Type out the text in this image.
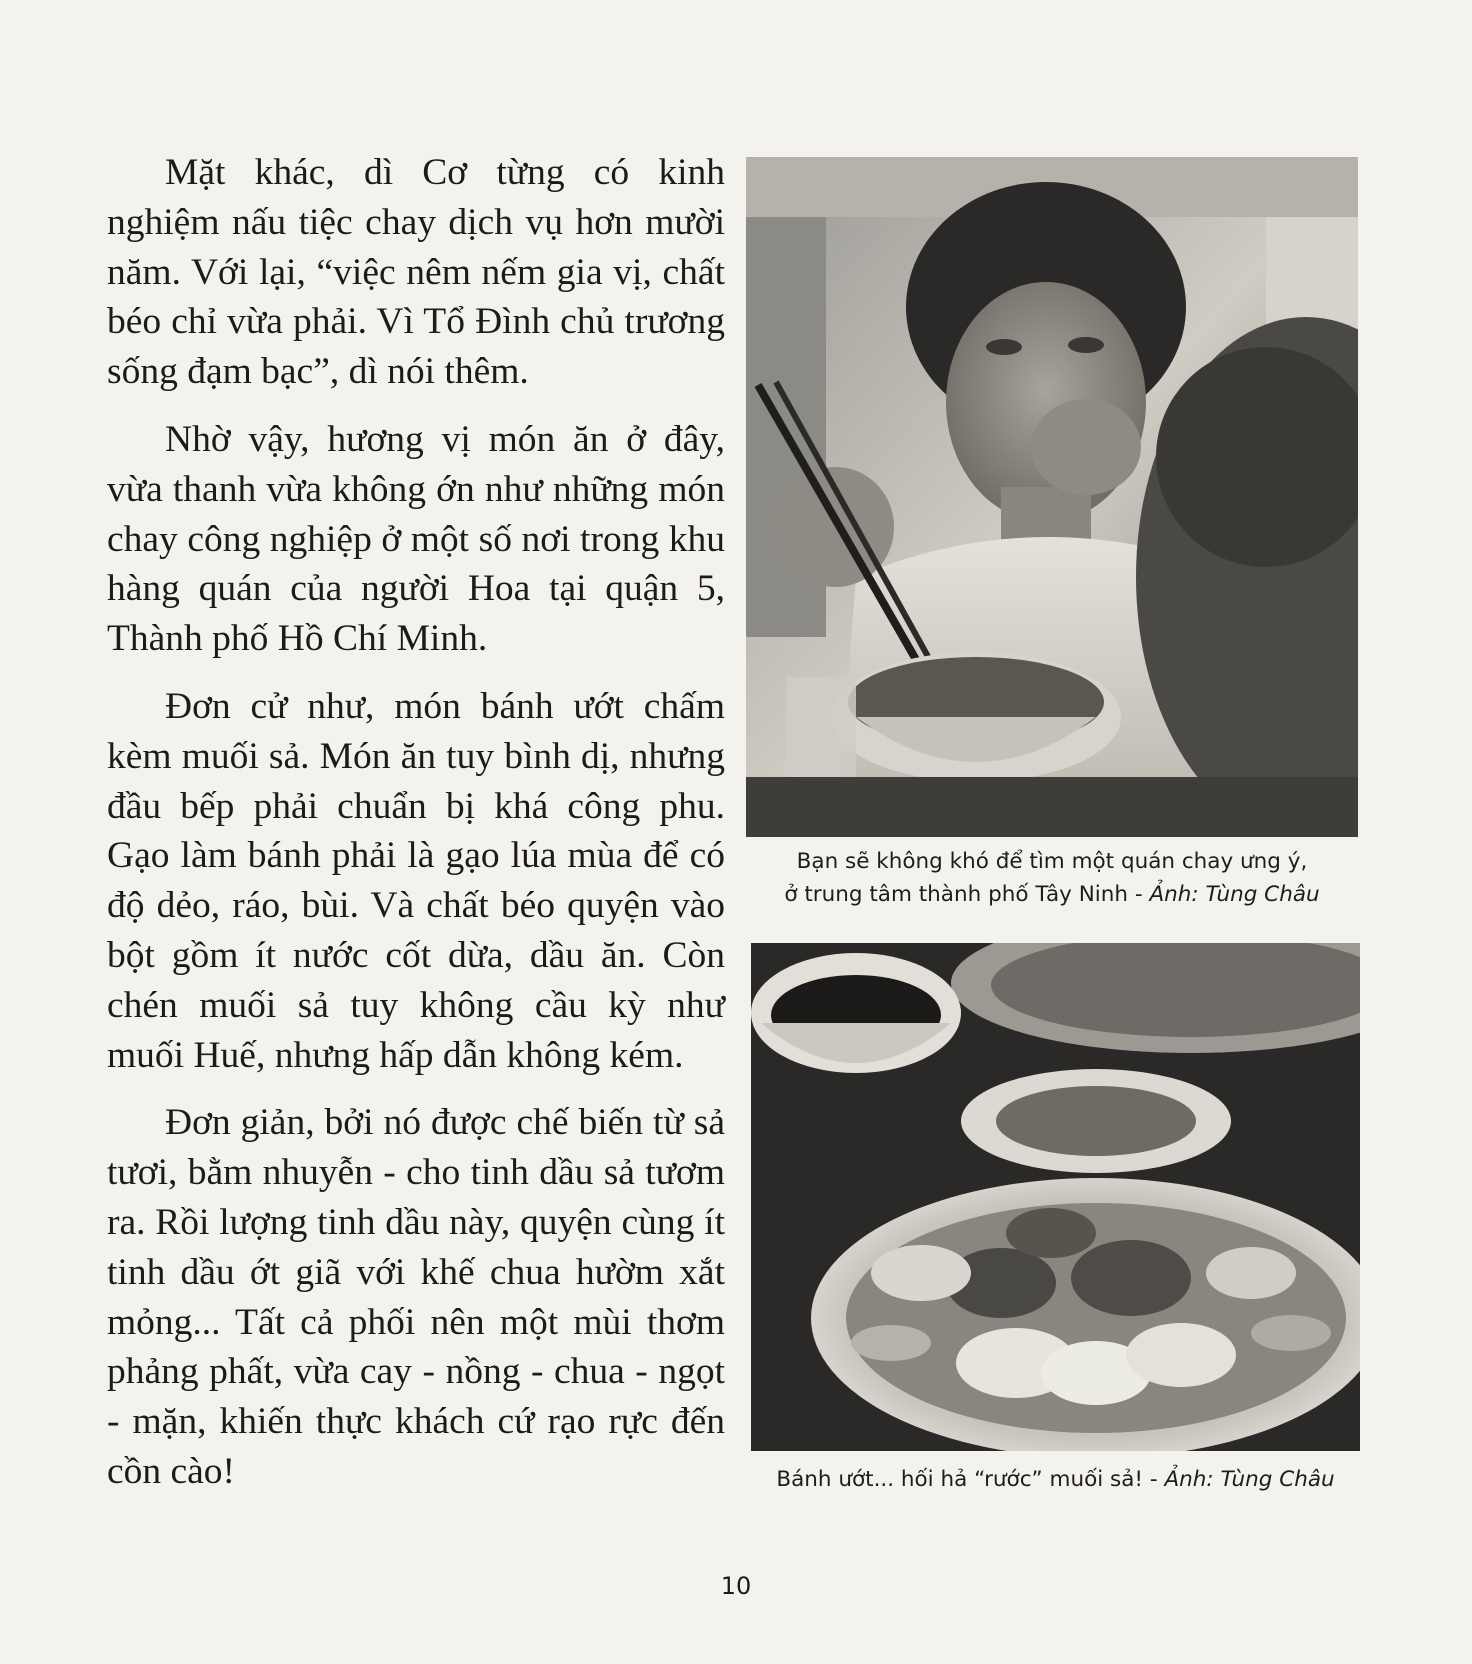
Mặt khác, dì Cơ từng có kinh nghiệm nấu tiệc chay dịch vụ hơn mười năm. Với lại, “việc nêm nếm gia vị, chất béo chỉ vừa phải. Vì Tổ Đình chủ trương sống đạm bạc”, dì nói thêm.

Nhờ vậy, hương vị món ăn ở đây, vừa thanh vừa không ớn như những món chay công nghiệp ở một số nơi trong khu hàng quán của người Hoa tại quận 5, Thành phố Hồ Chí Minh.

Đơn cử như, món bánh ướt chấm kèm muối sả. Món ăn tuy bình dị, nhưng đầu bếp phải chuẩn bị khá công phu. Gạo làm bánh phải là gạo lúa mùa để có độ dẻo, ráo, bùi. Và chất béo quyện vào bột gồm ít nước cốt dừa, dầu ăn. Còn chén muối sả tuy không cầu kỳ như muối Huế, nhưng hấp dẫn không kém.

Đơn giản, bởi nó được chế biến từ sả tươi, bằm nhuyễn - cho tinh dầu sả tươm ra. Rồi lượng tinh dầu này, quyện cùng ít tinh dầu ớt giã với khế chua hườm xắt mỏng... Tất cả phối nên một mùi thơm phảng phất, vừa cay - nồng - chua - ngọt - mặn, khiến thực khách cứ rạo rực đến cồn cào!

Bạn sẽ không khó để tìm một quán chay ưng ý,
ở trung tâm thành phố Tây Ninh - Ảnh: Tùng Châu
Bánh ướt... hối hả “rước” muối sả! - Ảnh: Tùng Châu
10
